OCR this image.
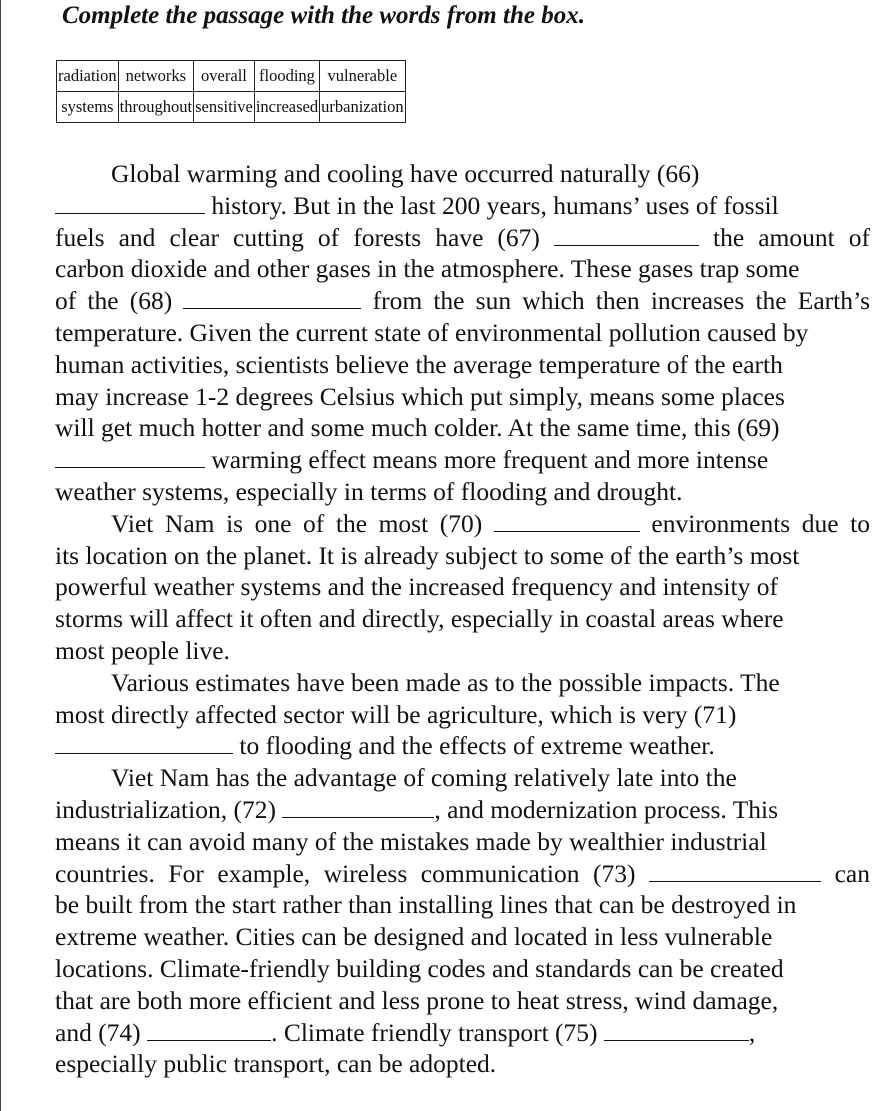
Complete the passage with the words from the box.
radiation	networks	overall	flooding	vulnerable
systems	throughout	sensitive	increased	urbanization
Global warming and cooling have occurred naturally (66)
history. But in the last 200 years, humans’ uses of fossil
fuels and clear cutting of forests have (67)	the amount of
carbon dioxide and other gases in the atmosphere. These gases trap some
of the (68)	from the sun which then increases the Earth’s
temperature. Given the current state of environmental pollution caused by
human activities, scientists believe the average temperature of the earth
may increase 1-2 degrees Celsius which put simply, means some places
will get much hotter and some much colder. At the same time, this (69)
warming effect means more frequent and more intense
weather systems, especially in terms of flooding and drought.
Viet Nam is one of the most (70)	environments due to
its location on the planet. It is already subject to some of the earth’s most
powerful weather systems and the increased frequency and intensity of
storms will affect it often and directly, especially in coastal areas where
most people live.
Various estimates have been made as to the possible impacts. The
most directly affected sector will be agriculture, which is very (71)
to flooding and the effects of extreme weather.
Viet Nam has the advantage of coming relatively late into the
industrialization, (72)	, and modernization process. This
means it can avoid many of the mistakes made by wealthier industrial
countries. For example, wireless communication (73)	can
be built from the start rather than installing lines that can be destroyed in
extreme weather. Cities can be designed and located in less vulnerable
locations. Climate-friendly building codes and standards can be created
that are both more efficient and less prone to heat stress, wind damage,
and (74)	. Climate friendly transport (75)	,
especially public transport, can be adopted.
